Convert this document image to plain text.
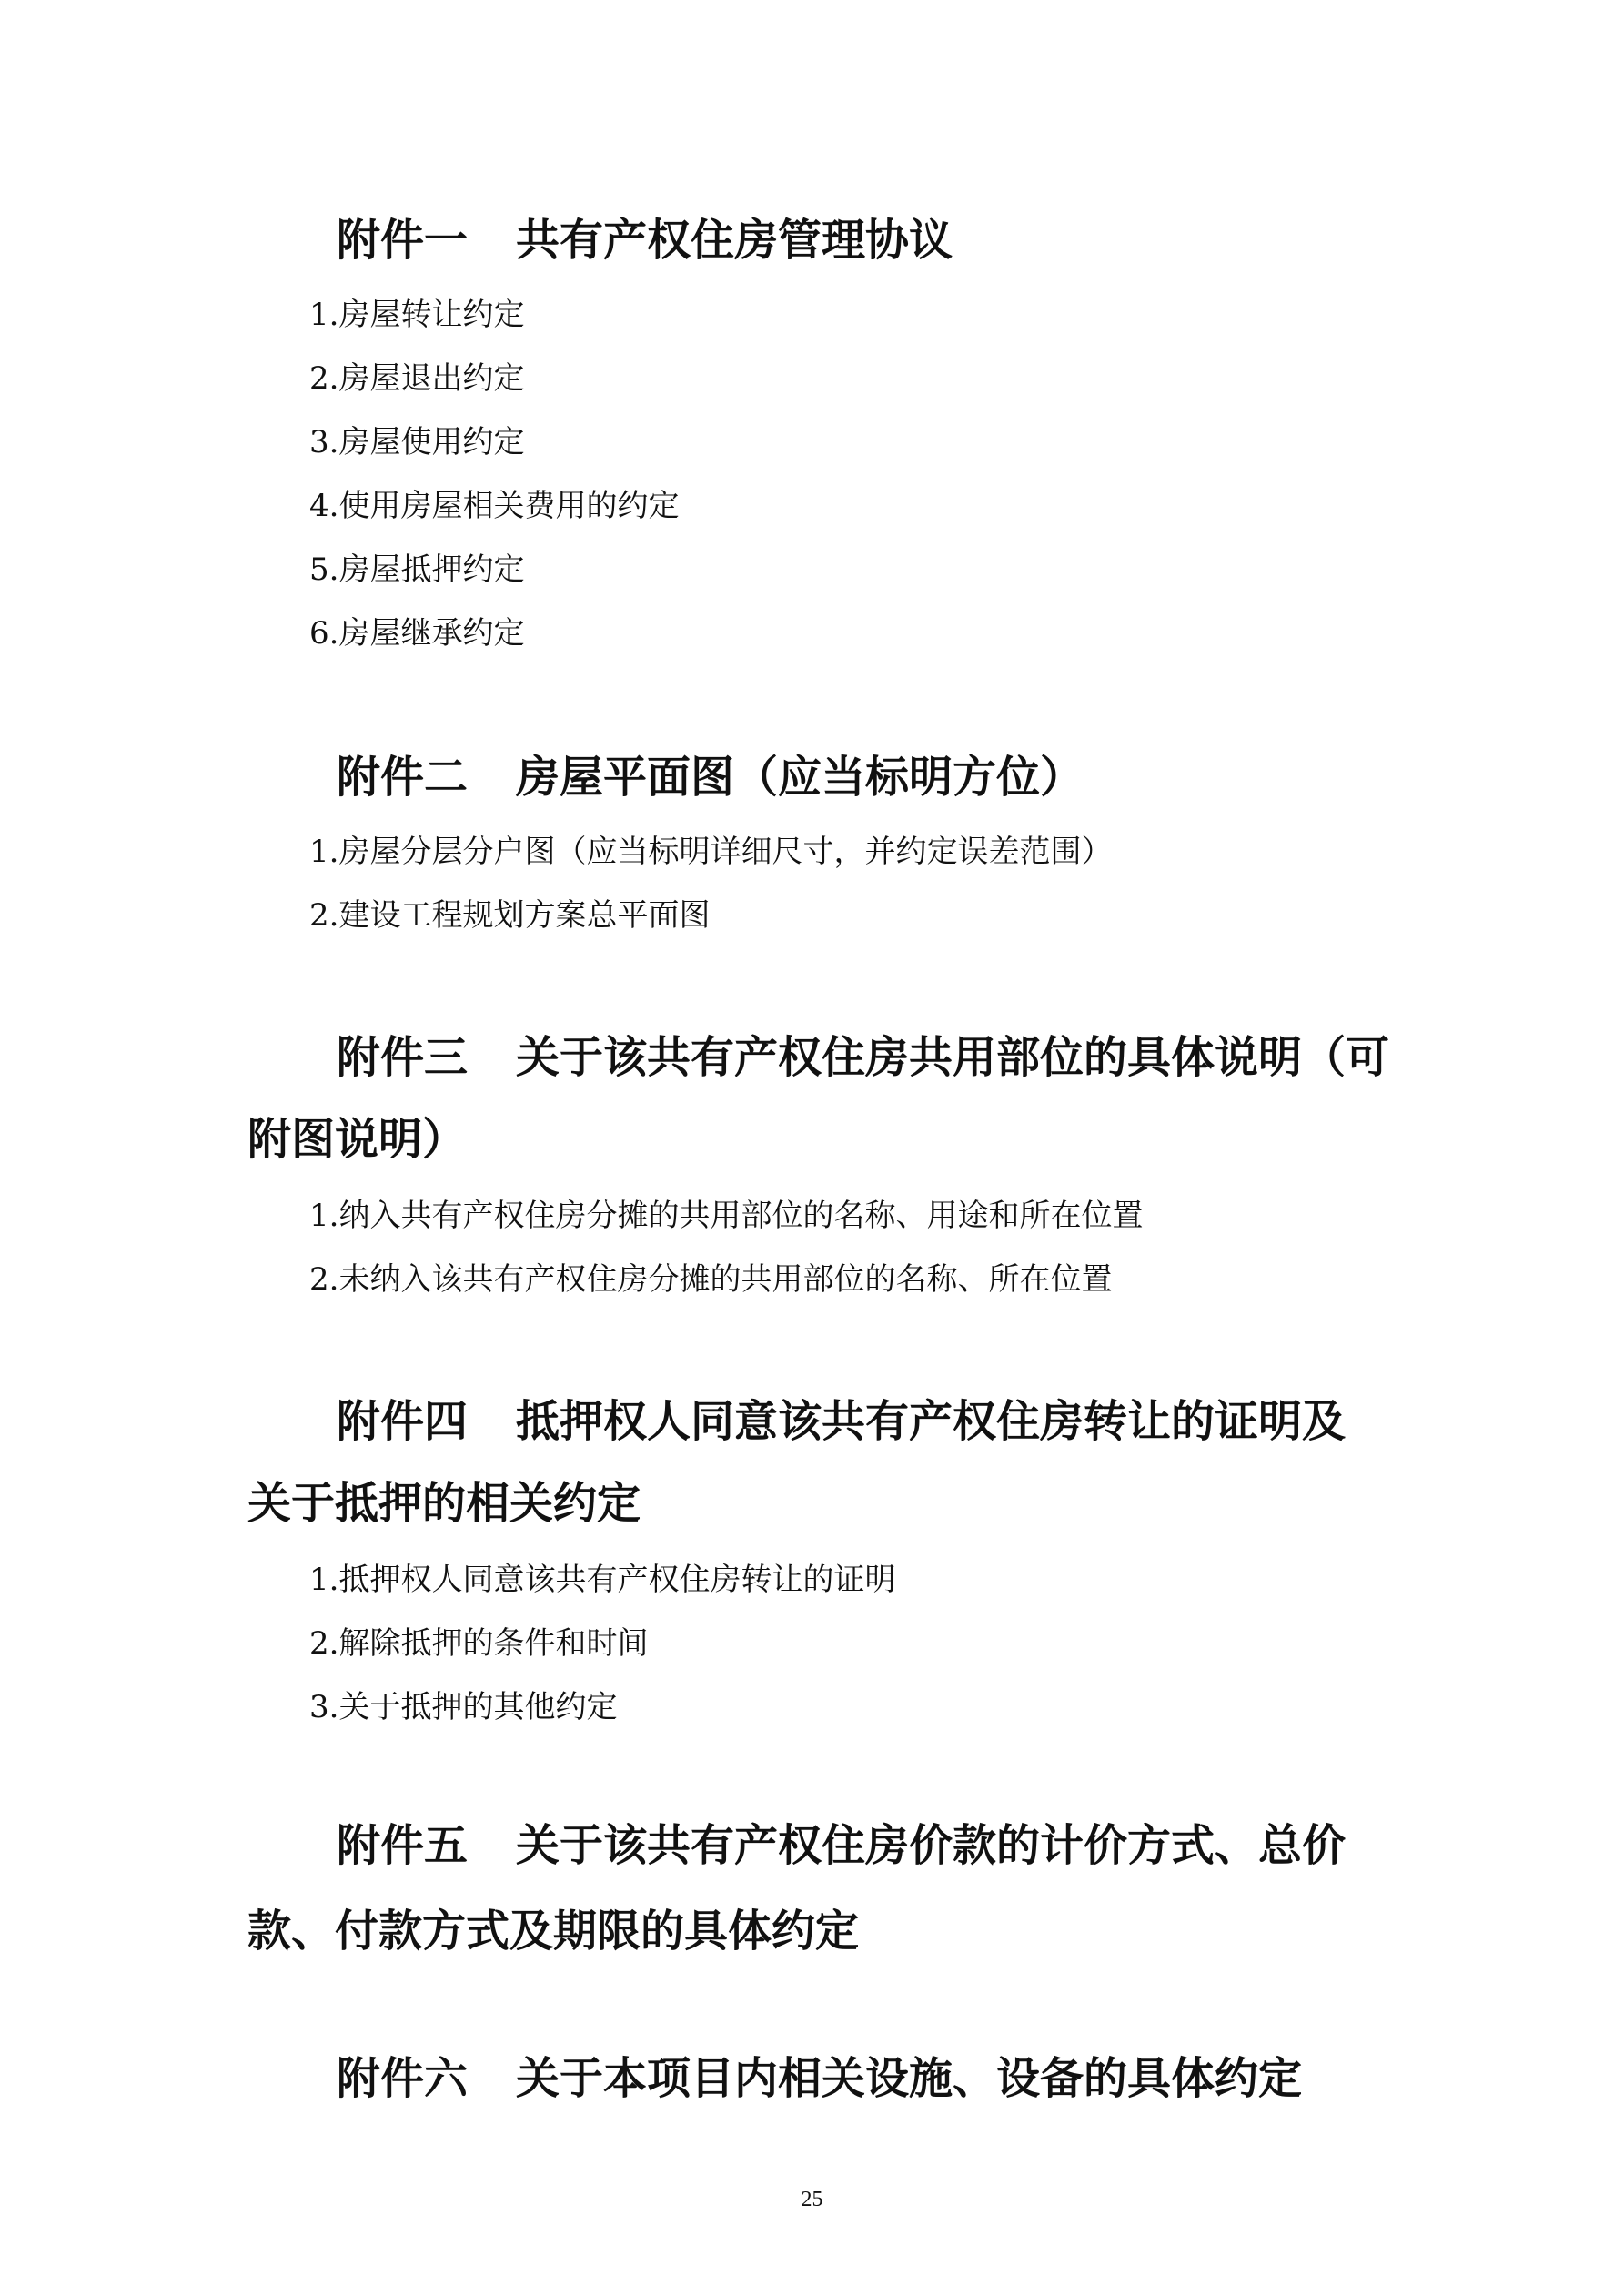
附件一 共有产权住房管理协议

1.房屋转让约定

2.房屋退出约定

3.房屋使用约定

4.使用房屋相关费用的约定

5.房屋抵押约定

6.房屋继承约定

附件二 房屋平面图（应当标明方位）

1.房屋分层分户图（应当标明详细尺寸，并约定误差范围）

2.建设工程规划方案总平面图

附件三 关于该共有产权住房共用部位的具体说明（可
附图说明）

1.纳入共有产权住房分摊的共用部位的名称、用途和所在位置

2.未纳入该共有产权住房分摊的共用部位的名称、所在位置

附件四 抵押权人同意该共有产权住房转让的证明及
关于抵押的相关约定

1.抵押权人同意该共有产权住房转让的证明

2.解除抵押的条件和时间

3.关于抵押的其他约定

附件五 关于该共有产权住房价款的计价方式、总价
款、付款方式及期限的具体约定
附件六 关于本项目内相关设施、设备的具体约定
25
